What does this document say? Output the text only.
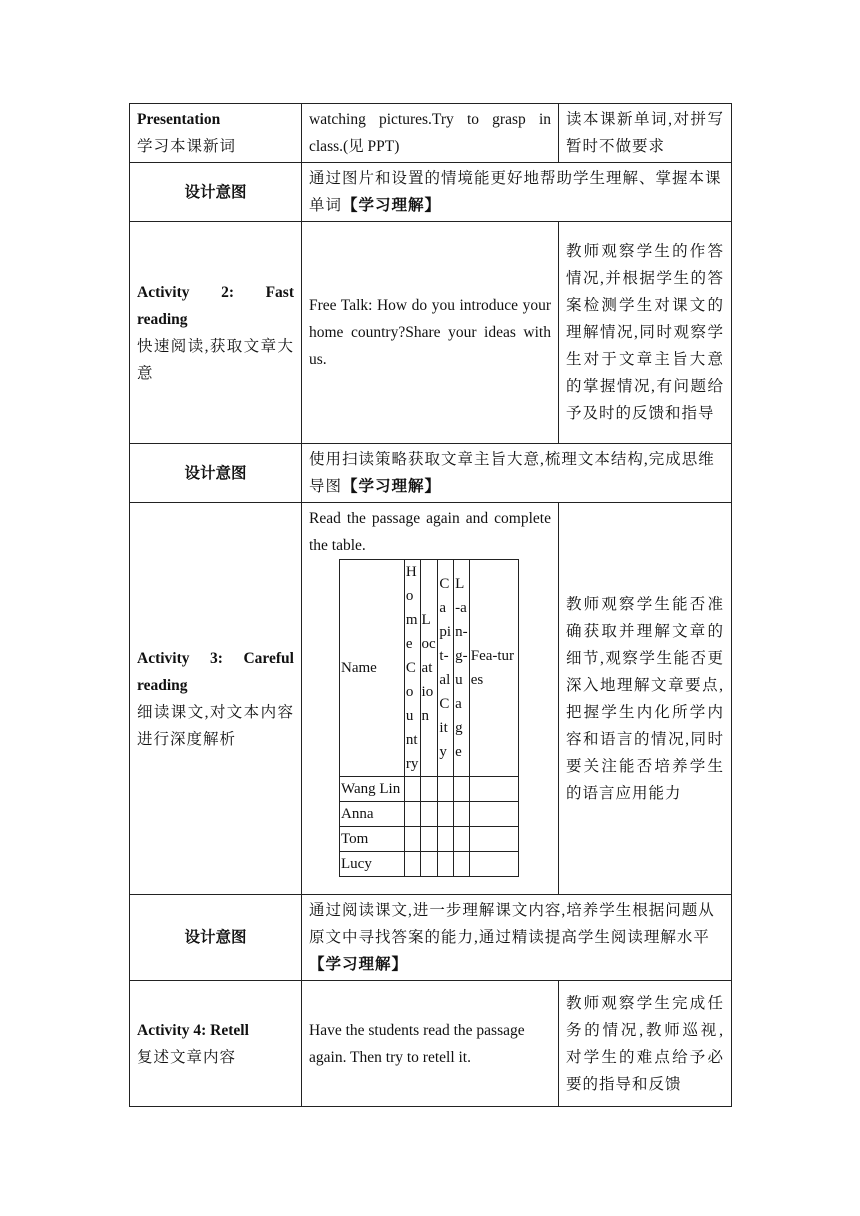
Presentation
学习本课新词
	watching pictures.Try to grasp in class.(见 PPT)	读本课新单词,对拼写暂时不做要求
设计意图	通过图片和设置的情境能更好地帮助学生理解、掌握本课单词【学习理解】

Activity 2: Fast
reading
快速阅读,获取文章大意
	Free Talk: How do you introduce your home country?Share your ideas with us.	教师观察学生的作答情况,并根据学生的答案检测学生对课文的理解情况,同时观察学生对于文章主旨大意的掌握情况,有问题给予及时的反馈和指导
设计意图	使用扫读策略获取文章主旨大意,梳理文本结构,完成思维导图【学习理解】

Activity 3: Careful
reading
细读课文,对文本内容进行深度解析

Read the passage again and complete the table.
Name	Home Country	Location	Capit-al City	L-an-g-uage	Fea-tures
Wang Lin					
Anna					
Tom					
Lucy					
	教师观察学生能否准确获取并理解文章的细节,观察学生能否更深入地理解文章要点,把握学生内化所学内容和语言的情况,同时要关注能否培养学生的语言应用能力
设计意图	通过阅读课文,进一步理解课文内容,培养学生根据问题从原文中寻找答案的能力,通过精读提高学生阅读理解水平【学习理解】

Activity 4: Retell
复述文章内容
	Have the students read the passage again. Then try to retell it.	教师观察学生完成任务的情况,教师巡视,对学生的难点给予必要的指导和反馈
